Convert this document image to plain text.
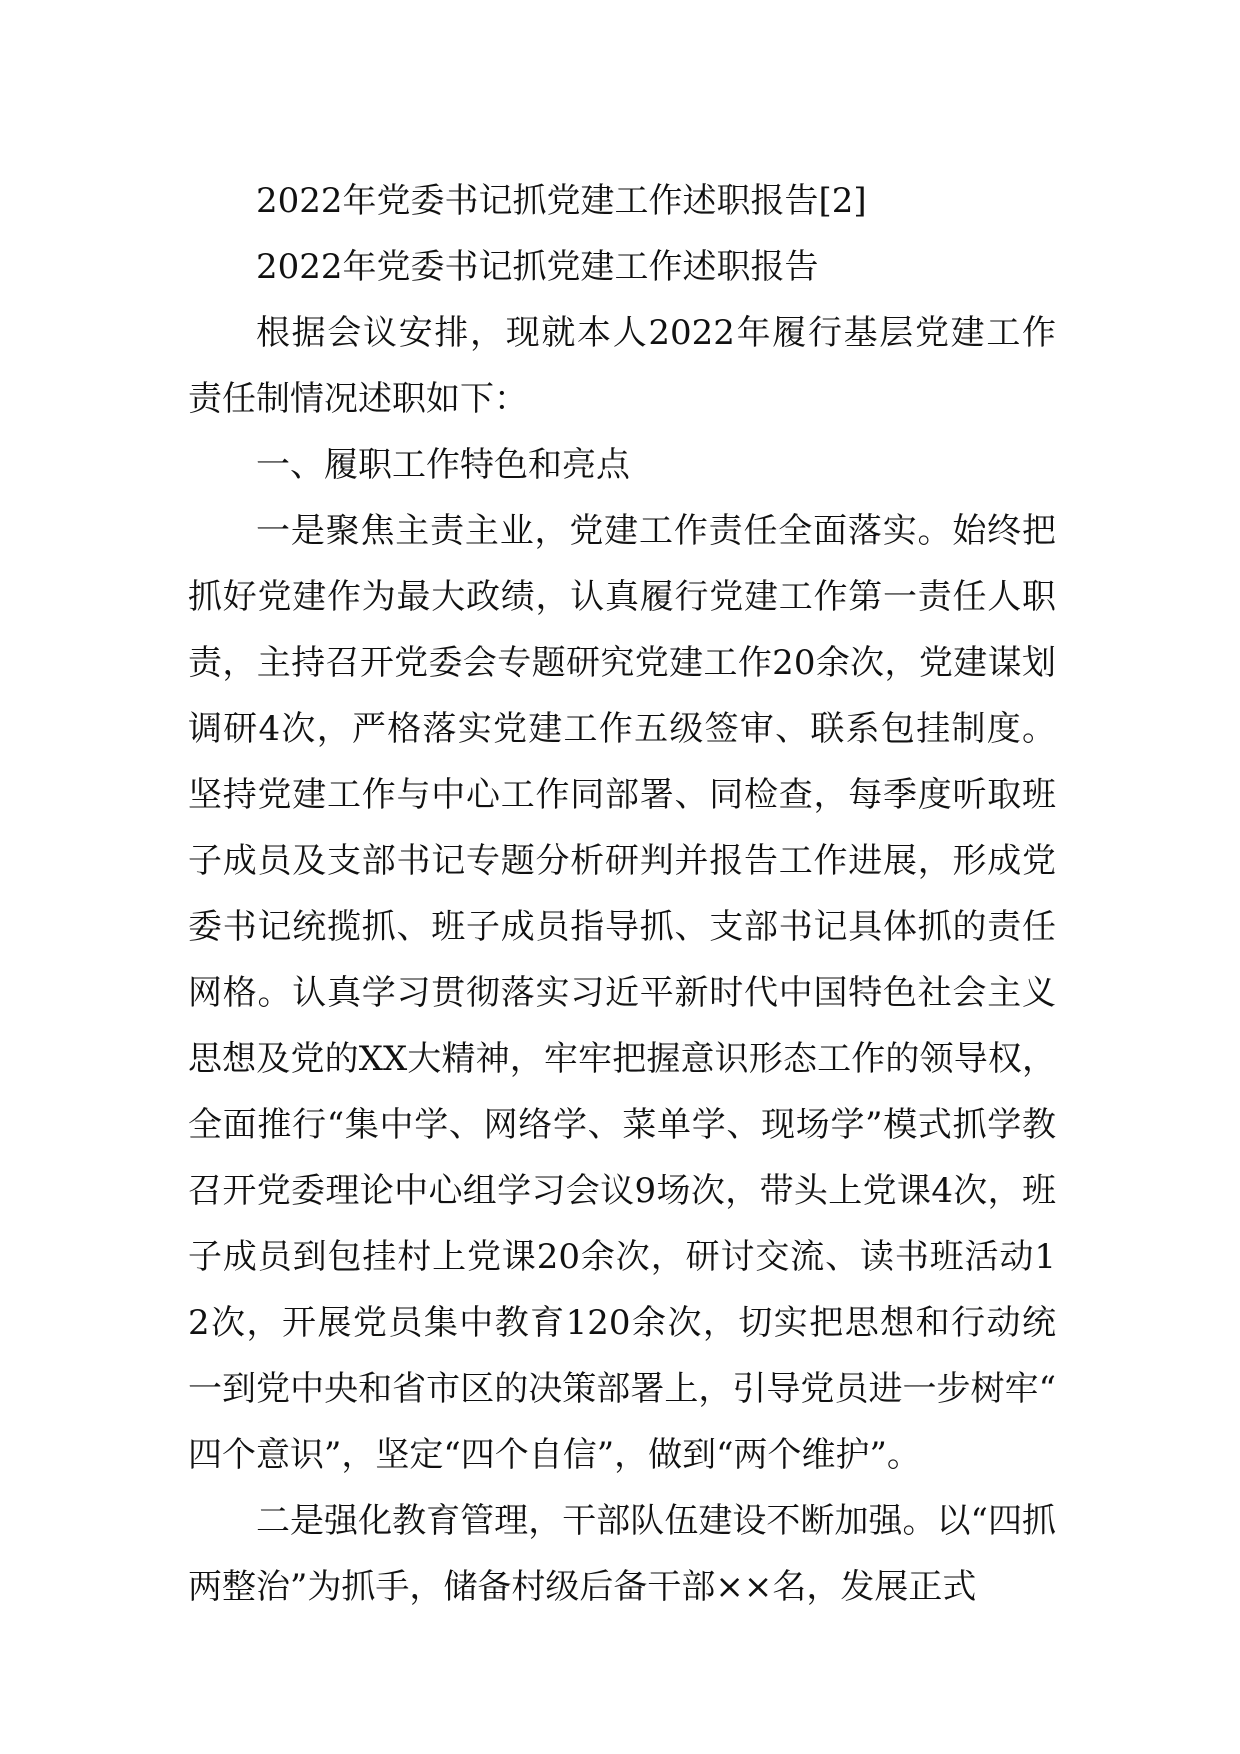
2022年党委书记抓党建工作述职报告[2]

2022年党委书记抓党建工作述职报告

根据会议安排，现就本人2022年履行基层党建工作责任制情况述职如下：

一、履职工作特色和亮点

一是聚焦主责主业，党建工作责任全面落实。始终把抓好党建作为最大政绩，认真履行党建工作第一责任人职责，主持召开党委会专题研究党建工作20余次，党建谋划调研4次，严格落实党建工作五级签审、联系包挂制度。坚持党建工作与中心工作同部署、同检查，每季度听取班子成员及支部书记专题分析研判并报告工作进展，形成党委书记统揽抓、班子成员指导抓、支部书记具体抓的责任网格。认真学习贯彻落实习近平新时代中国特色社会主义思想及党的XX大精神，牢牢把握意识形态工作的领导权，全面推行“集中学、网络学、菜单学、现场学”模式抓学教召开党委理论中心组学习会议9场次，带头上党课4次，班子成员到包挂村上党课20余次，研讨交流、读书班活动12次，开展党员集中教育120余次，切实把思想和行动统一到党中央和省市区的决策部署上，引导党员进一步树牢“四个意识”，坚定“四个自信”，做到“两个维护”。

二是强化教育管理，干部队伍建设不断加强。以“四抓两整治”为抓手，储备村级后备干部××名，发展正式
